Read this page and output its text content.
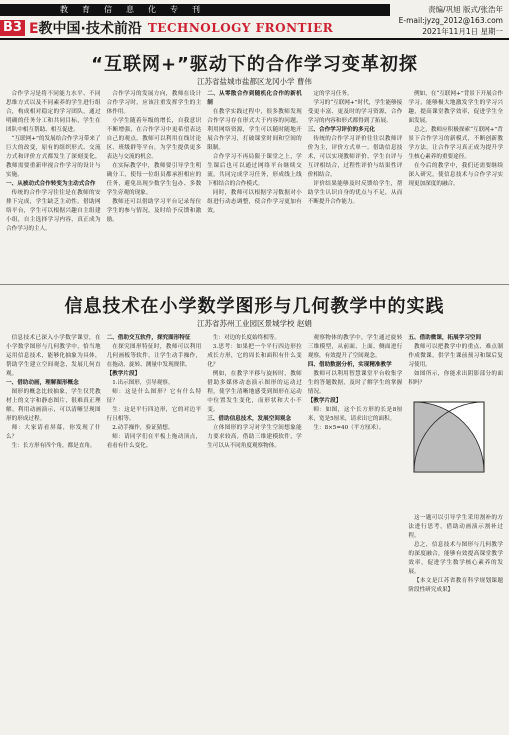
教育信息化专刊
B3 E教中国·技术前沿 TECHNOLOGY FRONTIER
责编/巩旭 版式/张浩年
E-mail:jyzg_2012@163.com
2021年11月1日 星期一
“互联网+”驱动下的合作学习变革初探
江苏省盐城市盐都区龙冈小学 曹伟

合作学习是将不同能力水平、不同思维方式以及不同素养的学生进行组合，构成相对稳定的学习团队，通过明确的任务分工和共同目标，学生在团队中相互帮助、相互促进。

“互联网+”的发展给合作学习带来了巨大的改变，原有的组织形式、交流方式和评价方式都发生了深刻变化，教师需要重新审视合作学习的设计与实施。

一、从被动式合作转变为主动式合作

传统的合作学习往往是在教师的安排下完成，学生缺乏主动性。借助网络平台，学生可以根据兴趣自主组建小组，自主选择学习内容，真正成为合作学习的主人。

合作学习的发展方向，教师在设计合作学习时，应该注重发挥学生的主体作用。

小学生随着年级的增长，自我意识不断增强，在合作学习中更希望表达自己的观点。教师可以利用在线讨论区、班级群等平台，为学生提供更多表达与交流的机会。

在实际教学中，教师要引导学生明确分工，使每一位组员都承担相应的任务，避免出现少数学生包办、多数学生旁观的现象。

教师还可以借助学习平台记录每位学生的参与情况，及时给予反馈和激励。

二、从零散合作到随机化合作的新机制

在教学实践过程中，很多教师发现合作学习存在形式大于内容的问题。利用网络资源，学生可以随时随地开展合作学习，打破课堂时间和空间的限制。

合作学习不再局限于课堂之上，学生课后也可以通过网络平台继续交流，共同完成学习任务，形成线上线下相结合的合作模式。

同时，教师可以根据学习数据对小组进行动态调整，使合作学习更加有效。

定的学习任务。

学习的“互联网+”时代，学生能够接受更丰富、更及时的学习资源，合作学习的内容和形式都得到了拓展。

三、合作学习评价的多元化

传统的合作学习评价往往以教师评价为主，评价方式单一。借助信息技术，可以实现教师评价、学生自评与互评相结合，过程性评价与结果性评价相结合。

评价结果能够及时反馈给学生，帮助学生认识自身的优点与不足，从而不断提升合作能力。

例如，在“互联网+”背景下开展合作学习，能够极大地激发学生的学习兴趣，提高课堂教学效率，促进学生全面发展。

总之，教师应积极探索“互联网+”背景下合作学习的新模式，不断创新教学方法，让合作学习真正成为提升学生核心素养的重要途径。

在今后的教学中，我们还需要继续深入研究，使信息技术与合作学习实现更加深度的融合。

信息技术在小学数学图形与几何教学中的实践
江苏省苏州工业园区景城学校 赵娟

信息技术已深入小学数学课堂，在小学数学图形与几何教学中，恰当地运用信息技术，能够化抽象为具体，帮助学生建立空间观念，发展几何直观。

一、借助动画，理解图形概念

图形的概念比较抽象，学生仅凭教材上的文字和静态图片，很难真正理解。利用动画演示，可以清晰呈现图形的形成过程。

师：大家请看屏幕，你发现了什么？

生：长方形有四个角，都是直角。

二、借助交互软件，探究图形特征

在探究图形特征时，教师可以利用几何画板等软件，让学生动手操作，在拖动、旋转、测量中发现规律。

【教学片段】

1.出示图形，引导观察。

师：这是什么图形？它有什么特征？

生：这是平行四边形，它的对边平行且相等。

2.动手操作，验证猜想。

师：请同学们在平板上拖动顶点，看看有什么变化。

生：对边的长度始终相等。

3.思考：如果把一个平行四边形拉成长方形，它的周长和面积有什么变化？

例如，在教学平移与旋转时，教师借助多媒体动态演示图形的运动过程，使学生清晰地感受到图形在运动中位置发生变化，而形状和大小不变。

三、借助信息技术，发展空间观念

立体图形的学习对学生空间想象能力要求较高，借助三维建模软件，学生可以从不同角度观察物体。

观察物体的教学中，学生通过旋转三维模型，从前面、上面、侧面进行观察，有效提升了空间观念。

四、借助数据分析，实现精准教学

教师可以利用智慧课堂平台收集学生的答题数据，及时了解学生的掌握情况。

【教学片段】

师：如图，这个长方形的长是8厘米，宽是5厘米，请求出它的面积。

生：8×5=40（平方厘米）。

五、借助微课，拓展学习空间

教师可以把教学中的重点、难点制作成微课，供学生课前预习和课后复习使用。

如图所示，你能求出阴影部分的面积吗？

这一题可以引导学生采用割补的方法进行思考，借助动画演示割补过程。

总之，信息技术与图形与几何教学的深度融合，能够有效提高课堂教学效率，促进学生数学核心素养的发展。

【本文是江苏省教育科学规划课题阶段性研究成果】
